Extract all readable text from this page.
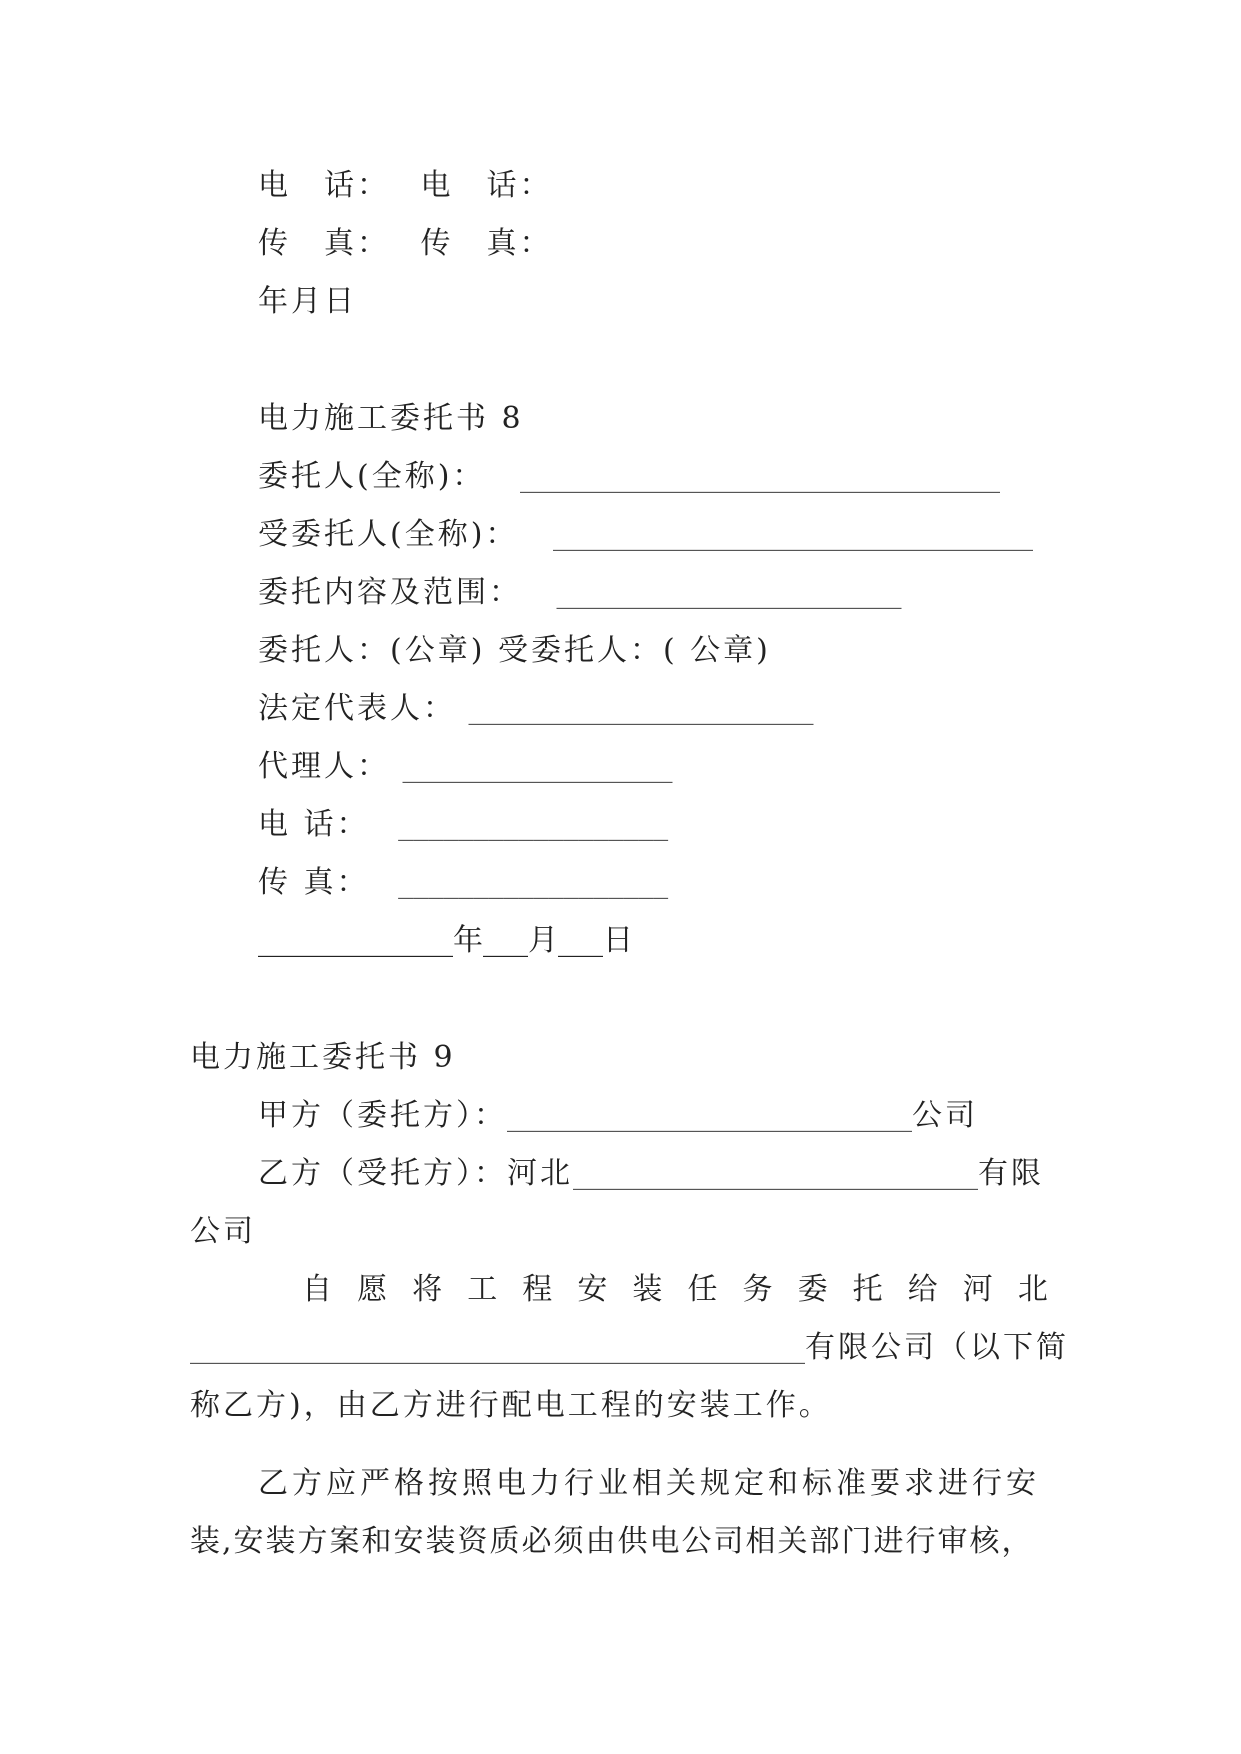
电　话：　 电　话：
传　真：　 传　真：
年月日
电力施工委托书 8
委托人(全称)： ________________________________
受委托人(全称)： ________________________________
委托内容及范围： _______________________
委托人：(公章) 受委托人：( 公章)
法定代表人： _______________________
代理人： __________________
电 话： __________________
传 真： __________________
_____________年___月___日
电力施工委托书 9
甲方（委托方）：___________________________公司
乙方（受托方）：河北___________________________有限
公司
自 愿 将 工 程 安 装 任 务 委 托 给 河 北
_________________________________________有限公司（以下简
称乙方)，由乙方进行配电工程的安装工作。
乙方应严格按照电力行业相关规定和标准要求进行安
装,安装方案和安装资质必须由供电公司相关部门进行审核，
